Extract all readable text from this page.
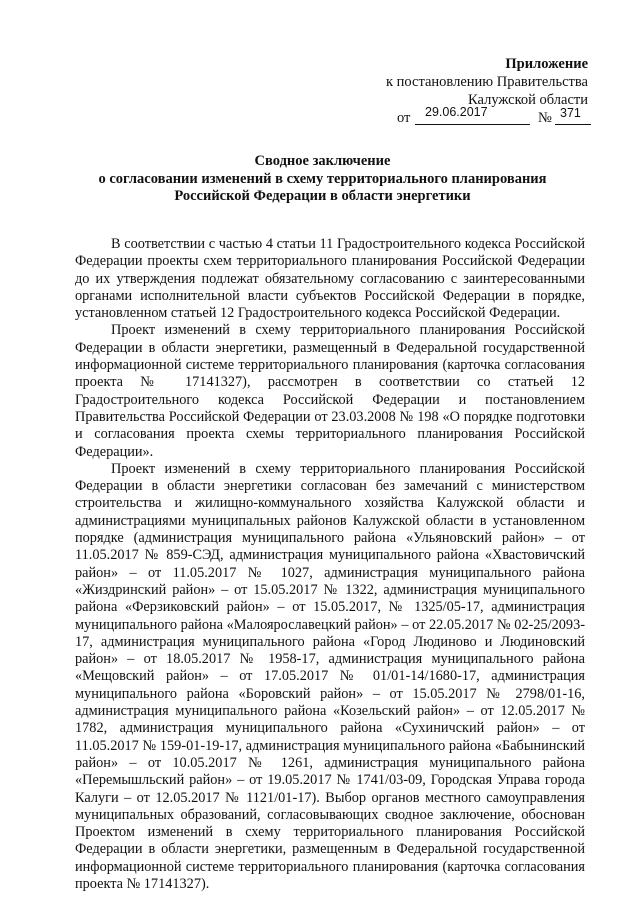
Приложение
к постановлению Правительства
Калужской области
от 29.06.2017	№ 371
Сводное заключение
о согласовании изменений в схему территориального планирования
Российской Федерации в области энергетики

В соответствии с частью 4 статьи 11 Градостроительного кодекса Российской Федерации проекты схем территориального планирования Российской Федерации до их утверждения подлежат обязательному согласованию с заинтересованными органами исполнительной власти субъектов Российской Федерации в порядке, установленном статьей 12 Градостроительного кодекса Российской Федерации.

Проект изменений в схему территориального планирования Российской Федерации в области энергетики, размещенный в Федеральной государственной информационной системе территориального планирования (карточка согласования проекта № 17141327), рассмотрен в соответствии со статьей 12 Градостроительного кодекса Российской Федерации и постановлением Правительства Российской Федерации от 23.03.2008 № 198 «О порядке подготовки и согласования проекта схемы территориального планирования Российской Федерации».

Проект изменений в схему территориального планирования Российской Федерации в области энергетики согласован без замечаний с министерством строительства и жилищно-коммунального хозяйства Калужской области и администрациями муниципальных районов Калужской области в установленном порядке (администрация муниципального района «Ульяновский район» – от 11.05.2017 № 859-СЭД, администрация муниципального района «Хвастовичский район» – от 11.05.2017 № 1027, администрация муниципального района «Жиздринский район» – от 15.05.2017 № 1322, администрация муниципального района «Ферзиковский район» – от 15.05.2017, № 1325/05-17, администрация муниципального района «Малоярославецкий район» – от 22.05.2017 № 02-25/2093-17, администрация муниципального района «Город Людиново и Людиновский район» – от 18.05.2017 № 1958-17, администрация муниципального района «Мещовский район» – от 17.05.2017 № 01/01-14/1680-17, администрация муниципального района «Боровский район» – от 15.05.2017 № 2798/01-16, администрация муниципального района «Козельский район» – от 12.05.2017 № 1782, администрация муниципального района «Сухиничский район» – от 11.05.2017 № 159-01-19-17, администрация муниципального района «Бабынинский район» – от 10.05.2017 № 1261, администрация муниципального района «Перемышльский район» – от 19.05.2017 № 1741/03-09, Городская Управа города Калуги – от 12.05.2017 № 1121/01-17). Выбор органов местного самоуправления муниципальных образований, согласовывающих сводное заключение, обоснован Проектом изменений в схему территориального планирования Российской Федерации в области энергетики, размещенным в Федеральной государственной информационной системе территориального планирования (карточка согласования проекта № 17141327).
